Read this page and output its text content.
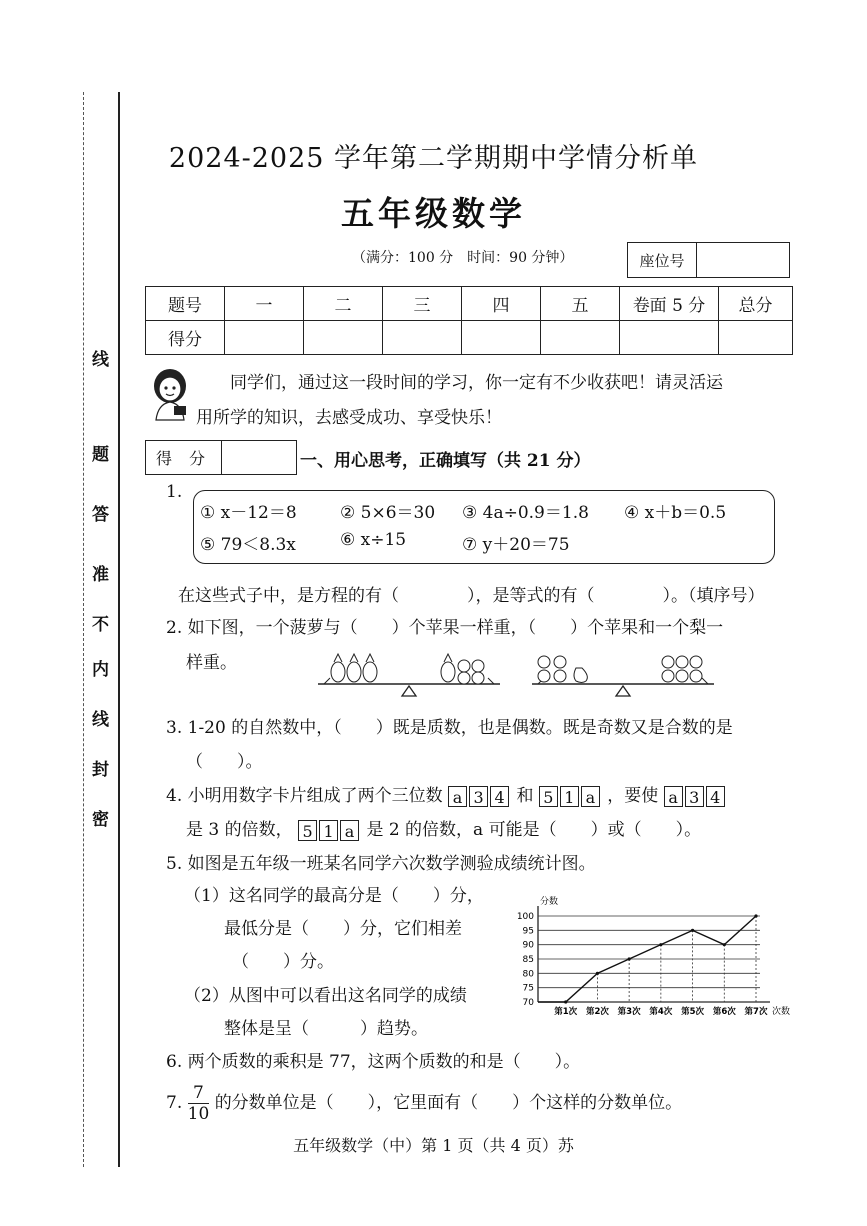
线
题
答
准
不
内
线
封
密
2024-2025 学年第二学期期中学情分析单
五年级数学
（满分：100 分　时间：90 分钟）	座位号
题号	一	二	三	四	五	卷面 5 分	总分
得分							
同学们，通过这一段时间的学习，你一定有不少收获吧！请灵活运
用所学的知识，去感受成功、享受快乐！
得 分	一、用心思考，正确填写（共 21 分）
1.
① x－12＝8	② 5×6＝30 ③ 4a÷0.9＝1.8 ④ x＋b＝0.5
⑤ 79＜8.3x	⑥ x÷15	⑦ y＋20＝75
在这些式子中，是方程的有（　　　　），是等式的有（　　　　）。（填序号）
2. 如下图，一个菠萝与（　　）个苹果一样重，（　　）个苹果和一个梨一
样重。
3. 1-20 的自然数中，（　　）既是质数，也是偶数。既是奇数又是合数的是
（　　）。
4. 小明用数字卡片组成了两个三位数 a 3 4 和 5 1 a ，要使 a 3 4
是 3 的倍数， 5 1 a 是 2 的倍数，a 可能是（　　）或（　　）。
5. 如图是五年级一班某名同学六次数学测验成绩统计图。
（1）这名同学的最高分是（　　）分，
最低分是（　　）分，它们相差
（　　）分。
（2）从图中可以看出这名同学的成绩
整体是呈（　　　）趋势。
分数
次数
70
75
80
85
90
95
100
第1次 第2次 第3次 第4次 第5次 第6次 第7次
6. 两个质数的乘积是 77，这两个质数的和是（　　）。
7. $\frac{7}{10}$ 的分数单位是（　　），它里面有（　　）个这样的分数单位。
五年级数学（中）第 1 页（共 4 页）苏
